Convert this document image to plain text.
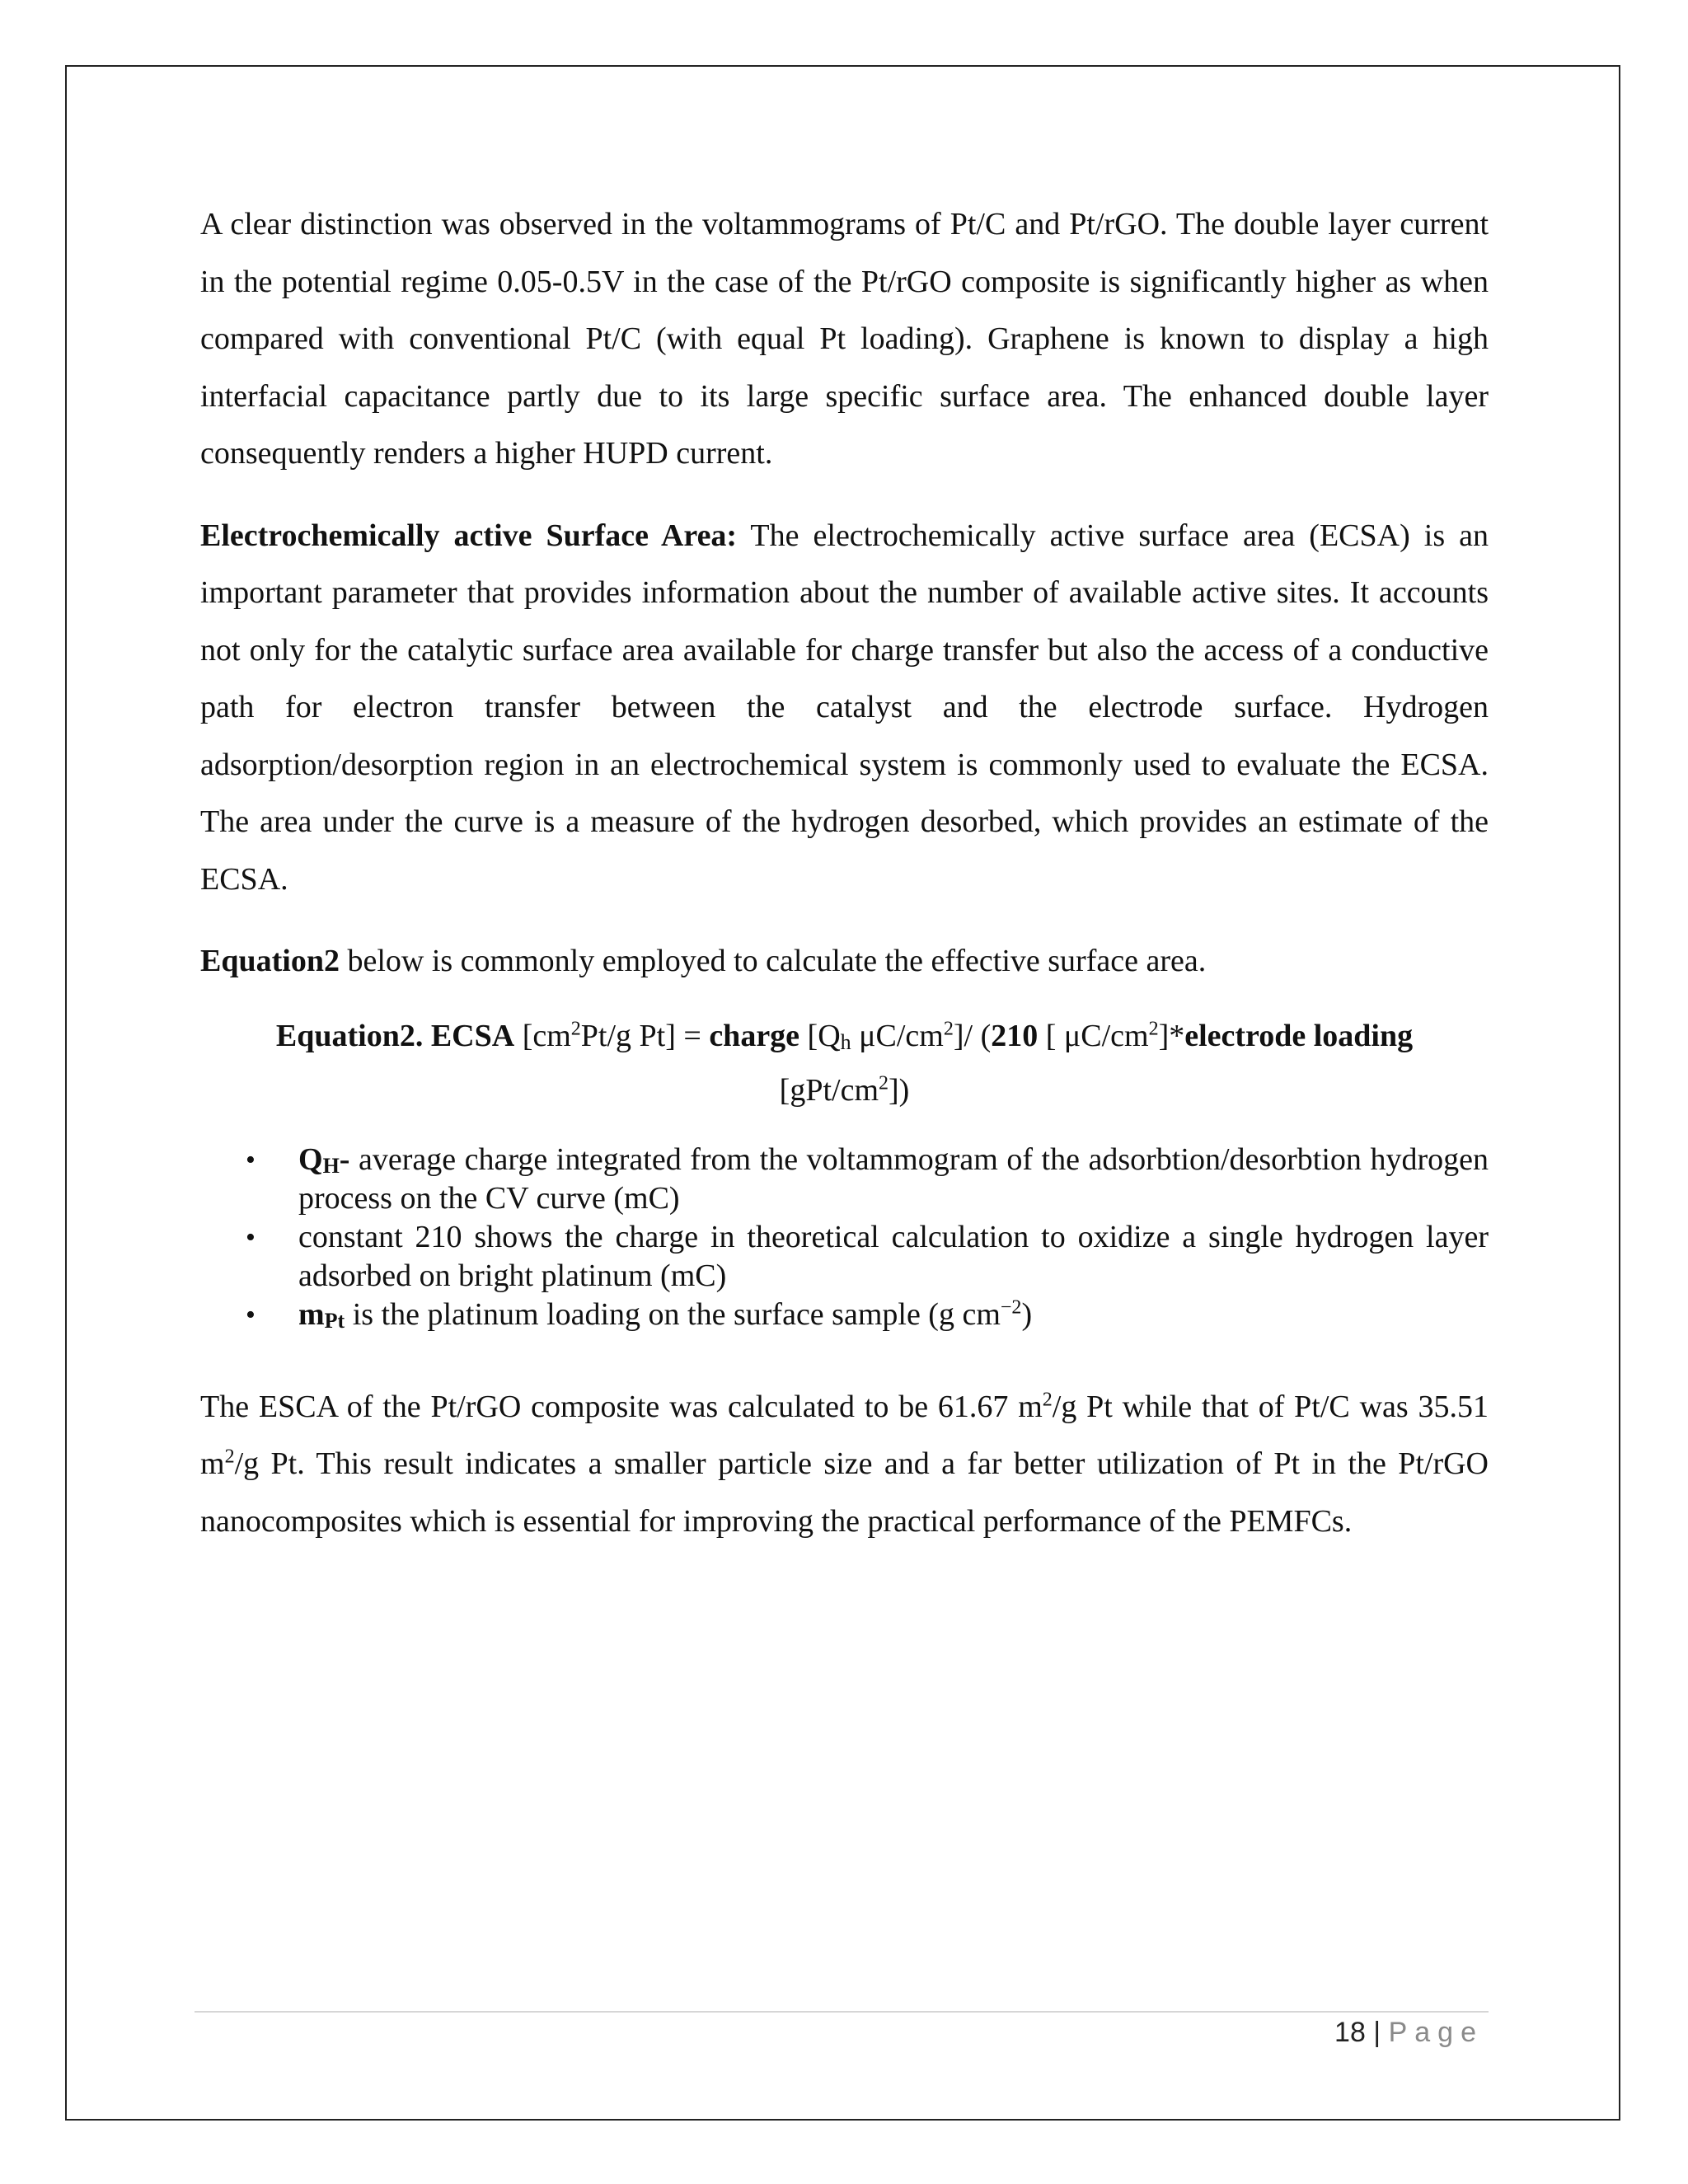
A clear distinction was observed in the voltammograms of Pt/C and Pt/rGO. The double layer current in the potential regime 0.05-0.5V in the case of the Pt/rGO composite is significantly higher as when compared with conventional Pt/C (with equal Pt loading). Graphene is known to display a high interfacial capacitance partly due to its large specific surface area. The enhanced double layer consequently renders a higher HUPD current.

Electrochemically active Surface Area: The electrochemically active surface area (ECSA) is an important parameter that provides information about the number of available active sites. It accounts not only for the catalytic surface area available for charge transfer but also the access of a conductive path for electron transfer between the catalyst and the electrode surface. Hydrogen adsorption/desorption region in an electrochemical system is commonly used to evaluate the ECSA. The area under the curve is a measure of the hydrogen desorbed, which provides an estimate of the ECSA.

Equation2 below is commonly employed to calculate the effective surface area.

Equation2. ECSA [$cm^2Pt/g$ Pt] = charge [$Q_h$ $\mu C/cm^2]/$ (210 [ $\mu C/cm^2]*electrode$ loading
$[gPt/cm^2]$)
• $Q_H-$ average charge integrated from the voltammogram of the adsorbtion/desorbtion hydrogen process on the CV curve (mC)
• constant 210 shows the charge in theoretical calculation to oxidize a single hydrogen layer adsorbed on bright platinum (mC)
• $m_{Pt}$ is the platinum loading on the surface sample (g $cm^{-2}$)

The ESCA of the Pt/rGO composite was calculated to be 61.67 $m^2/g$ Pt while that of Pt/C was 35.51 $m^2/g$ Pt. This result indicates a smaller particle size and a far better utilization of Pt in the Pt/rGO nanocomposites which is essential for improving the practical performance of the PEMFCs.

18 | Page
